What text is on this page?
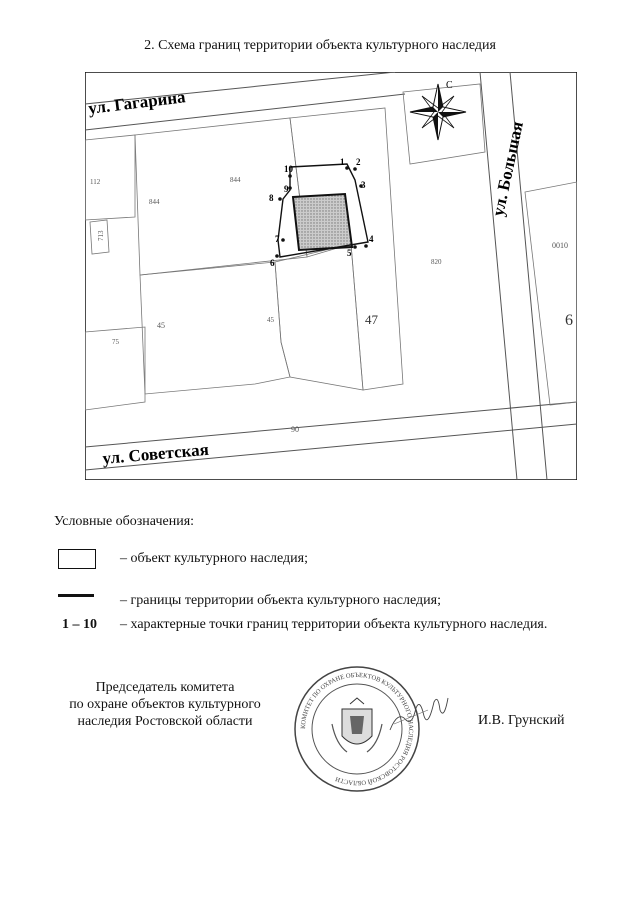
2. Схема границ территории объекта культурного наследия
ул. Гагарина
ул. Советская
ул. Большая
С
112	844
844
713
820
45
45	47
75
90
0010
6
1 2
3
4
5
6
7
8
9
10
Условные обозначения:
– объект культурного наследия;
– границы территории объекта культурного наследия;
1 – 10 – характерные точки границ территории объекта культурного наследия.
Председатель комитета
по охране объектов культурного
наследия Ростовской области	КОМИТЕТ ПО ОХРАНЕ ОБЪЕКТОВ КУЛЬТУРНОГО НАСЛЕДИЯ РОСТОВСКОЙ ОБЛАСТИ
И.В. Грунский
